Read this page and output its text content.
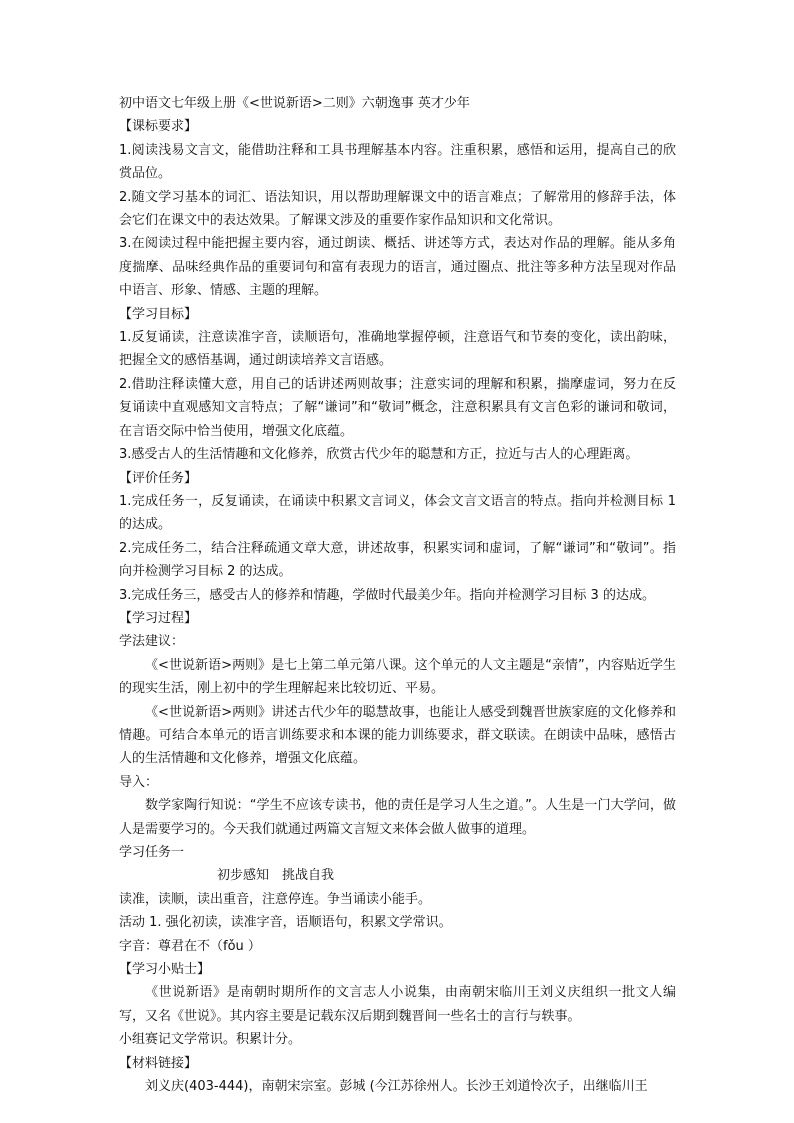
初中语文七年级上册《<世说新语>二则》六朝逸事 英才少年

【课标要求】

1.阅读浅易文言文，能借助注释和工具书理解基本内容。注重积累，感悟和运用，提高自己的欣赏品位。

2.随文学习基本的词汇、语法知识，用以帮助理解课文中的语言难点；了解常用的修辞手法，体会它们在课文中的表达效果。了解课文涉及的重要作家作品知识和文化常识。

3.在阅读过程中能把握主要内容，通过朗读、概括、讲述等方式，表达对作品的理解。能从多角度揣摩、品味经典作品的重要词句和富有表现力的语言，通过圈点、批注等多种方法呈现对作品中语言、形象、情感、主题的理解。

【学习目标】

1.反复诵读，注意读准字音，读顺语句，准确地掌握停顿，注意语气和节奏的变化，读出韵味，把握全文的感悟基调，通过朗读培养文言语感。

2.借助注释读懂大意，用自己的话讲述两则故事；注意实词的理解和积累，揣摩虚词，努力在反复诵读中直观感知文言特点；了解“谦词”和“敬词”概念，注意积累具有文言色彩的谦词和敬词，在言语交际中恰当使用，增强文化底蕴。

3.感受古人的生活情趣和文化修养，欣赏古代少年的聪慧和方正，拉近与古人的心理距离。

【评价任务】

1.完成任务一，反复诵读，在诵读中积累文言词义，体会文言文语言的特点。指向并检测目标 1 的达成。

2.完成任务二，结合注释疏通文章大意，讲述故事，积累实词和虚词，了解“谦词”和“敬词”。指向并检测学习目标 2 的达成。

3.完成任务三，感受古人的修养和情趣，学做时代最美少年。指向并检测学习目标 3 的达成。

【学习过程】

学法建议：

《<世说新语>两则》是七上第二单元第八课。这个单元的人文主题是“亲情”，内容贴近学生的现实生活，刚上初中的学生理解起来比较切近、平易。

《<世说新语>两则》讲述古代少年的聪慧故事，也能让人感受到魏晋世族家庭的文化修养和情趣。可结合本单元的语言训练要求和本课的能力训练要求，群文联读。在朗读中品味，感悟古人的生活情趣和文化修养，增强文化底蕴。

导入：

数学家陶行知说：“学生不应该专读书，他的责任是学习人生之道。”。人生是一门大学问，做人是需要学习的。今天我们就通过两篇文言短文来体会做人做事的道理。

学习任务一

初步感知　挑战自我

读准，读顺，读出重音，注意停连。争当诵读小能手。

活动 1. 强化初读，读准字音，语顺语句，积累文学常识。

字音：尊君在不（fǒu ）

【学习小贴士】

《世说新语》是南朝时期所作的文言志人小说集，由南朝宋临川王刘义庆组织一批文人编写，又名《世说》。其内容主要是记载东汉后期到魏晋间一些名士的言行与轶事。

小组赛记文学常识。积累计分。

【材料链接】

刘义庆(403-444)，南朝宋宗室。彭城 (今江苏徐州人。长沙王刘道怜次子，出继临川王
